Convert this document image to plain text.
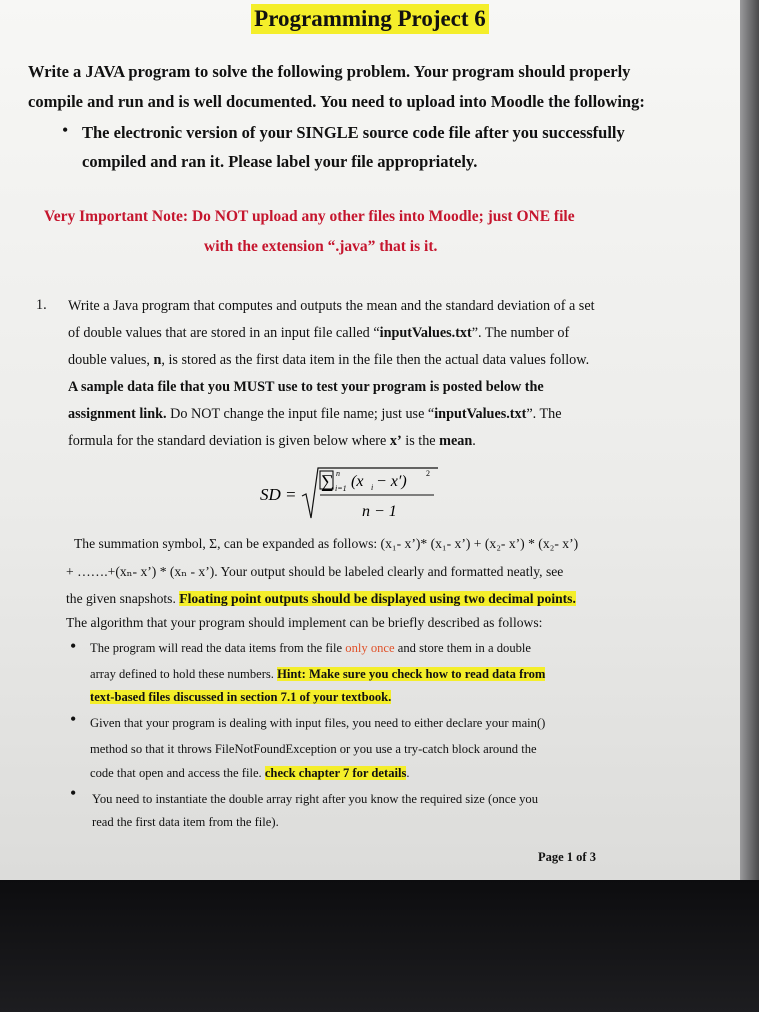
Programming Project 6
Write a JAVA program to solve the following problem. Your program should properly
compile and run and is well documented. You need to upload into Moodle the following:
• The electronic version of your SINGLE source code file after you successfully
compiled and ran it. Please label your file appropriately.
Very Important Note: Do NOT upload any other files into Moodle; just ONE file
with the extension “.java” that is it.
1. Write a Java program that computes and outputs the mean and the standard deviation of a set
of double values that are stored in an input file called “inputValues.txt”. The number of
double values, n, is stored as the first data item in the file then the actual data values follow.
A sample data file that you MUST use to test your program is posted below the
assignment link. Do NOT change the input file name; just use “inputValues.txt”. The
formula for the standard deviation is given below where x’ is the mean.
SD =
∑ n
i=1 (x i − x′) 2
n − 1
The summation symbol, Σ, can be expanded as follows: (x₁- x’)* (x₁- x’) + (x₂- x’) * (x₂- x’)
+ …….+(xₙ- x’) * (xₙ - x’). Your output should be labeled clearly and formatted neatly, see
the given snapshots. Floating point outputs should be displayed using two decimal points.
The algorithm that your program should implement can be briefly described as follows:
• The program will read the data items from the file only once and store them in a double
array defined to hold these numbers. Hint: Make sure you check how to read data from
text-based files discussed in section 7.1 of your textbook.
• Given that your program is dealing with input files, you need to either declare your main()
method so that it throws FileNotFoundException or you use a try-catch block around the
code that open and access the file. check chapter 7 for details.
• You need to instantiate the double array right after you know the required size (once you
read the first data item from the file).
Page 1 of 3
